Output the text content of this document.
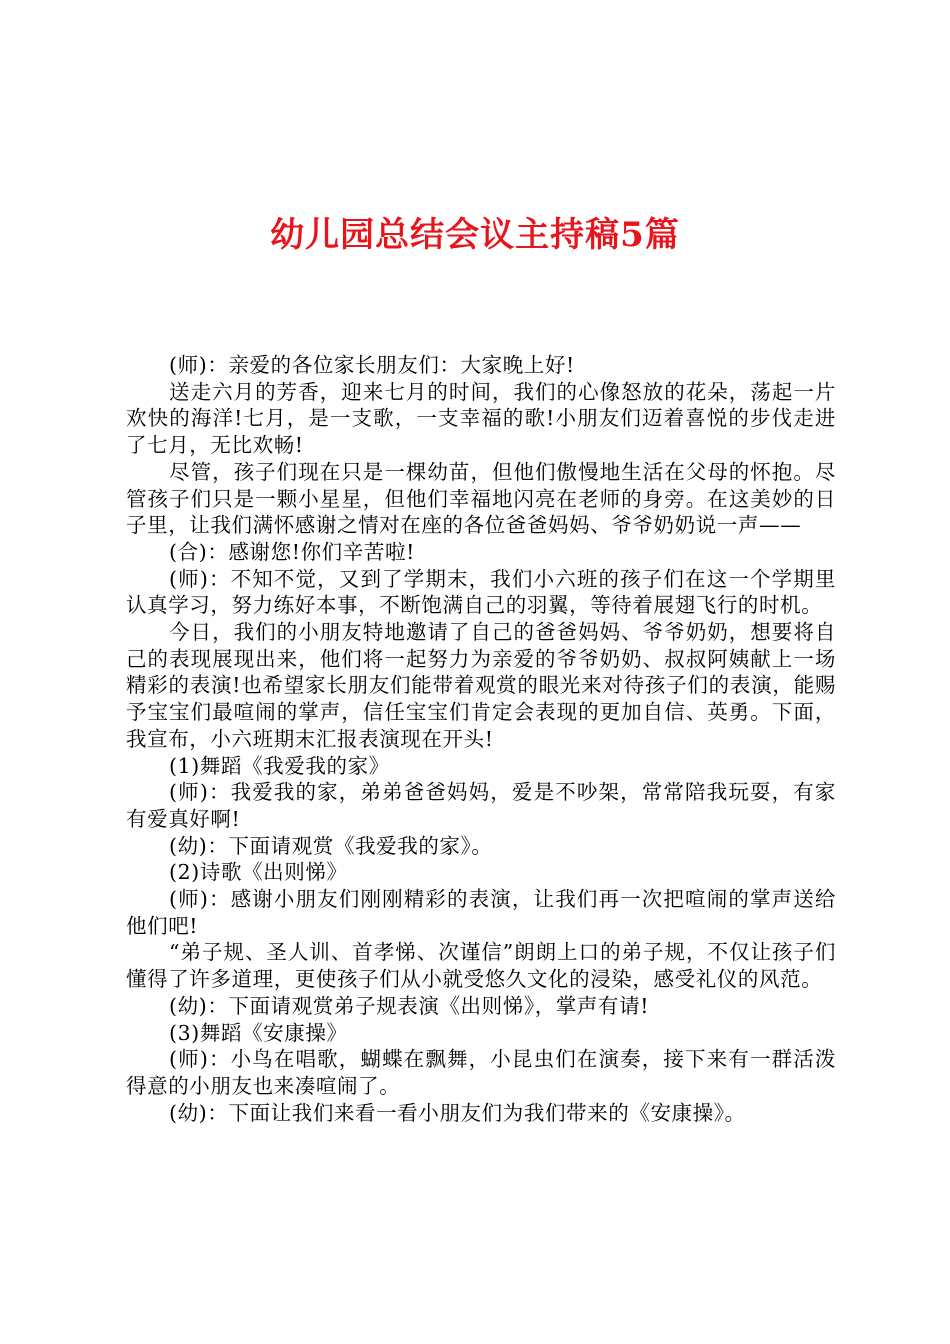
幼儿园总结会议主持稿5篇

(师)：亲爱的各位家长朋友们：大家晚上好!

送走六月的芳香，迎来七月的时间，我们的心像怒放的花朵，荡起一片欢快的海洋!七月，是一支歌，一支幸福的歌!小朋友们迈着喜悦的步伐走进了七月，无比欢畅!

尽管，孩子们现在只是一棵幼苗，但他们傲慢地生活在父母的怀抱。尽管孩子们只是一颗小星星，但他们幸福地闪亮在老师的身旁。在这美妙的日子里，让我们满怀感谢之情对在座的各位爸爸妈妈、爷爷奶奶说一声——

(合)：感谢您!你们辛苦啦!

(师)：不知不觉，又到了学期末，我们小六班的孩子们在这一个学期里认真学习，努力练好本事，不断饱满自己的羽翼，等待着展翅飞行的时机。

今日，我们的小朋友特地邀请了自己的爸爸妈妈、爷爷奶奶，想要将自己的表现展现出来，他们将一起努力为亲爱的爷爷奶奶、叔叔阿姨献上一场精彩的表演!也希望家长朋友们能带着观赏的眼光来对待孩子们的表演，能赐予宝宝们最喧闹的掌声，信任宝宝们肯定会表现的更加自信、英勇。下面，我宣布，小六班期末汇报表演现在开头!

(1)舞蹈《我爱我的家》

(师)：我爱我的家，弟弟爸爸妈妈，爱是不吵架，常常陪我玩耍，有家有爱真好啊!

(幼)：下面请观赏《我爱我的家》。

(2)诗歌《出则悌》

(师)：感谢小朋友们刚刚精彩的表演，让我们再一次把喧闹的掌声送给他们吧!

“弟子规、圣人训、首孝悌、次谨信”朗朗上口的弟子规，不仅让孩子们懂得了许多道理，更使孩子们从小就受悠久文化的浸染，感受礼仪的风范。

(幼)：下面请观赏弟子规表演《出则悌》，掌声有请!

(3)舞蹈《安康操》

(师)：小鸟在唱歌，蝴蝶在飘舞，小昆虫们在演奏，接下来有一群活泼得意的小朋友也来凑喧闹了。

(幼)：下面让我们来看一看小朋友们为我们带来的《安康操》。
